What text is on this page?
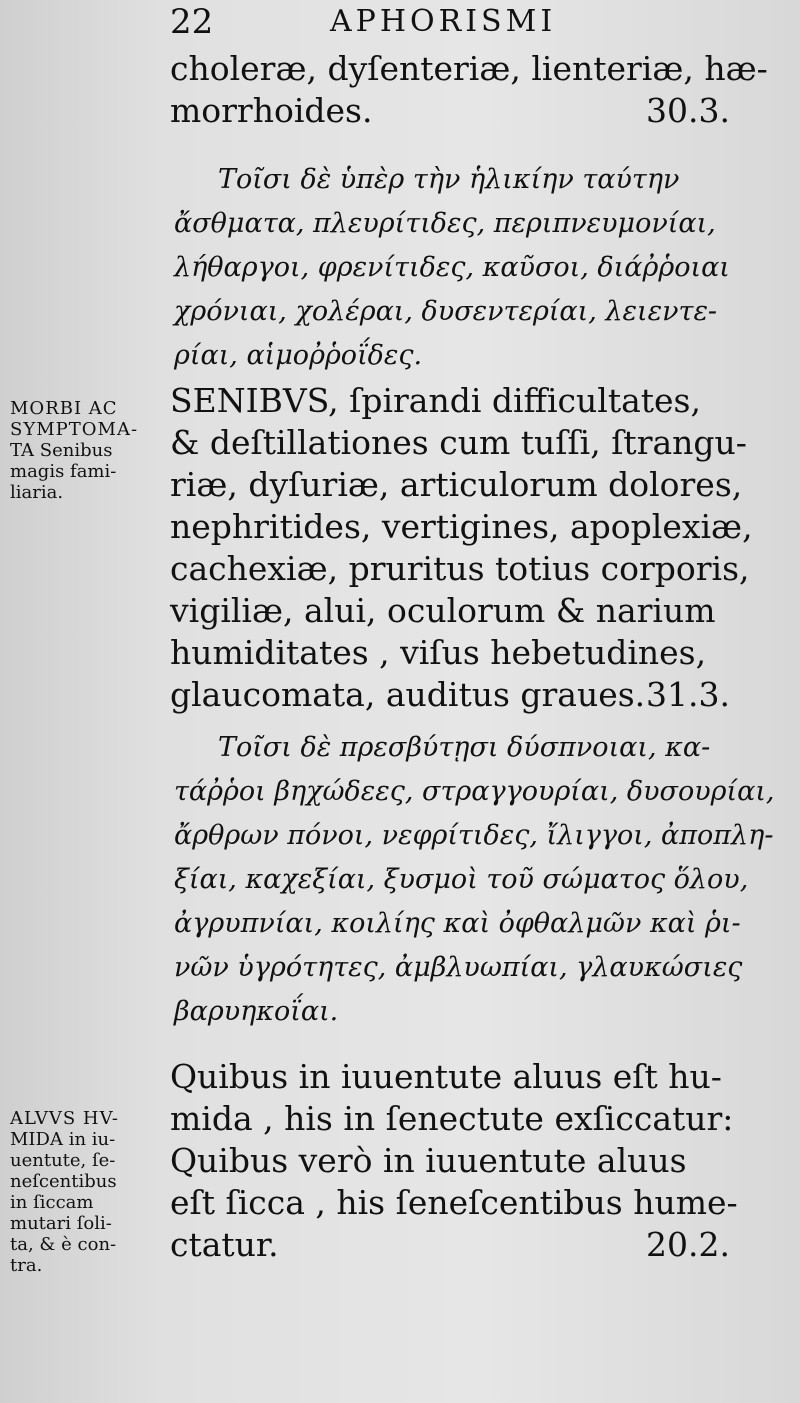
22	APHORISMI
choleræ, dyſenteriæ, lienteriæ, hæ-
morrhoides.	30.3.
Τοῖσι δὲ ὑπὲρ τὴν ἡλικίην ταύτην
ἄσθματα, πλευρίτιδες, περιπνευμονίαι,
λήθαργοι, φρενίτιδες, καῦσοι, διάῤῥοιαι
χρόνιαι, χολέραι, δυσεντερίαι, λειεντε-
ρίαι, αἱμοῤῥοΐδες.
MORBI AC
SYMPTOMA-
TA Senibus
magis fami-
liaria.
SENIBVS, ſpirandi difficultates,
& deſtillationes cum tuſſi, ſtrangu-
riæ, dyſuriæ, articulorum dolores,
nephritides, vertigines, apoplexiæ,
cachexiæ, pruritus totius corporis,
vigiliæ, alui, oculorum & narium
humiditates , viſus hebetudines,
glaucomata, auditus graues. 31.3.
Τοῖσι δὲ πρεσβύτῃσι δύσπνοιαι, κα-
τάῤῥοι βηχώδεες, στραγγουρίαι, δυσουρίαι,
ἄρθρων πόνοι, νεφρίτιδες, ἴλιγγοι, ἀποπλη-
ξίαι, καχεξίαι, ξυσμοὶ τοῦ σώματος ὅλου,
ἀγρυπνίαι, κοιλίης καὶ ὀφθαλμῶν καὶ ῥι-
νῶν ὑγρότητες, ἀμβλυωπίαι, γλαυκώσιες
βαρυηκοΐαι.
ALVVS HV-
MIDA in iu-
uentute, ſe-
neſcentibus
in ſiccam
mutari ſoli-
ta, & è con-
tra.
Quibus in iuuentute aluus eſt hu-
mida , his in ſenectute exſiccatur:
Quibus verò in iuuentute aluus
eſt ſicca , his ſeneſcentibus hume-
ctatur.	20.2.
